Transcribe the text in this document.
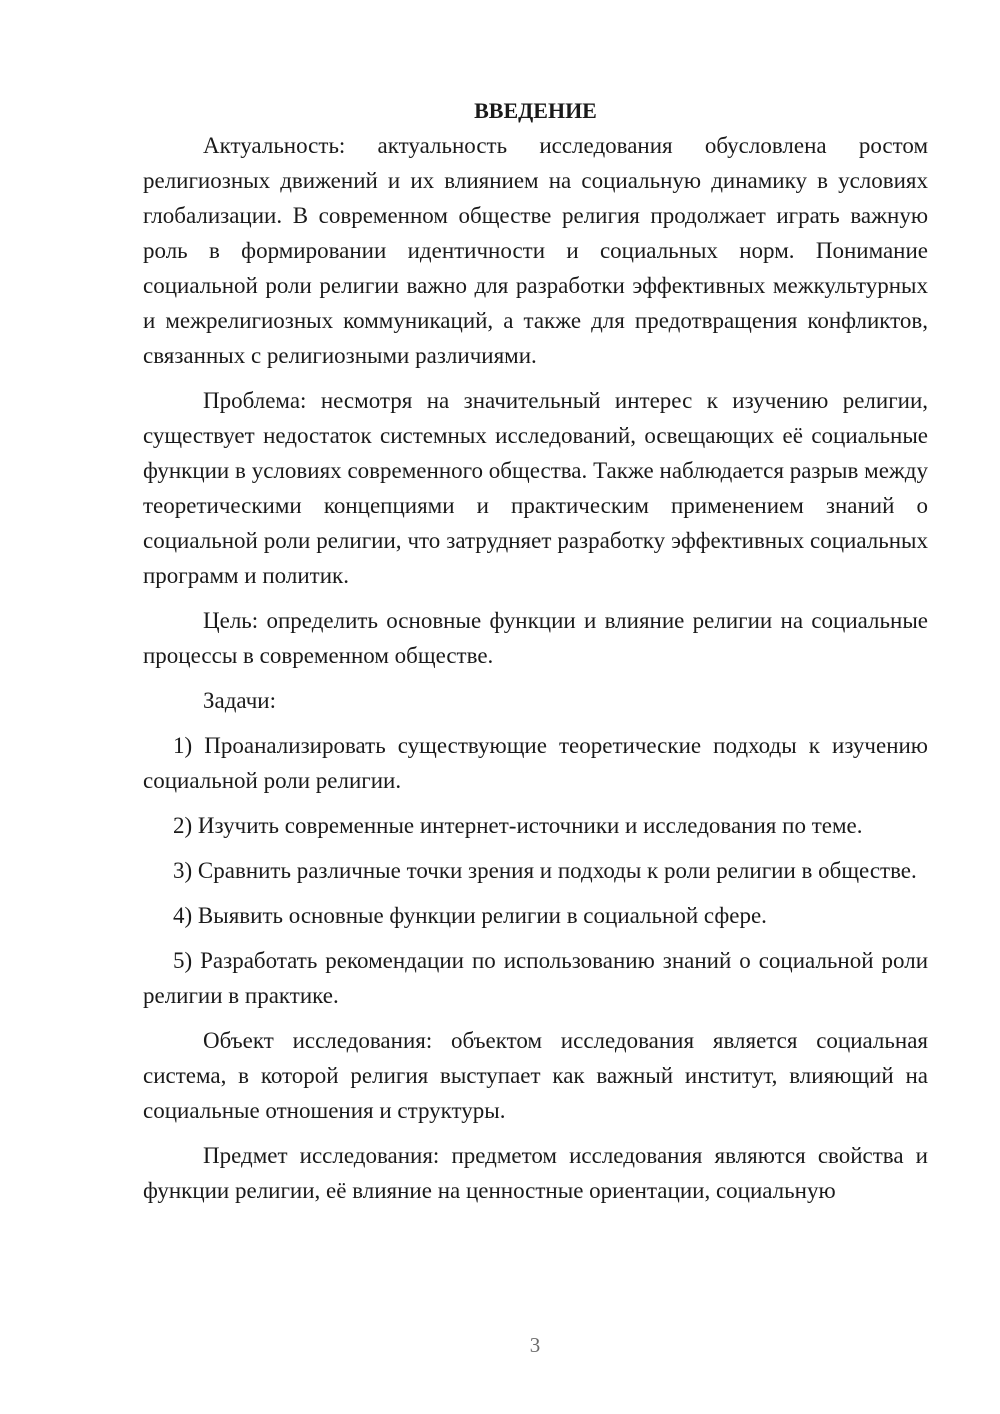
ВВЕДЕНИЕ

Актуальность: актуальность исследования обусловлена ростом религиозных движений и их влиянием на социальную динамику в условиях глобализации. В современном обществе религия продолжает играть важную роль в формировании идентичности и социальных норм. Понимание социальной роли религии важно для разработки эффективных межкультурных и межрелигиозных коммуникаций, а также для предотвращения конфликтов, связанных с религиозными различиями.

Проблема: несмотря на значительный интерес к изучению религии, существует недостаток системных исследований, освещающих её социальные функции в условиях современного общества. Также наблюдается разрыв между теоретическими концепциями и практическим применением знаний о социальной роли религии, что затрудняет разработку эффективных социальных программ и политик.

Цель: определить основные функции и влияние религии на социальные процессы в современном обществе.

Задачи:

1) Проанализировать существующие теоретические подходы к изучению социальной роли религии.

2) Изучить современные интернет-источники и исследования по теме.

3) Сравнить различные точки зрения и подходы к роли религии в обществе.

4) Выявить основные функции религии в социальной сфере.

5) Разработать рекомендации по использованию знаний о социальной роли религии в практике.

Объект исследования: объектом исследования является социальная система, в которой религия выступает как важный институт, влияющий на социальные отношения и структуры.

Предмет исследования: предметом исследования являются свойства и функции религии, её влияние на ценностные ориентации, социальную

3
